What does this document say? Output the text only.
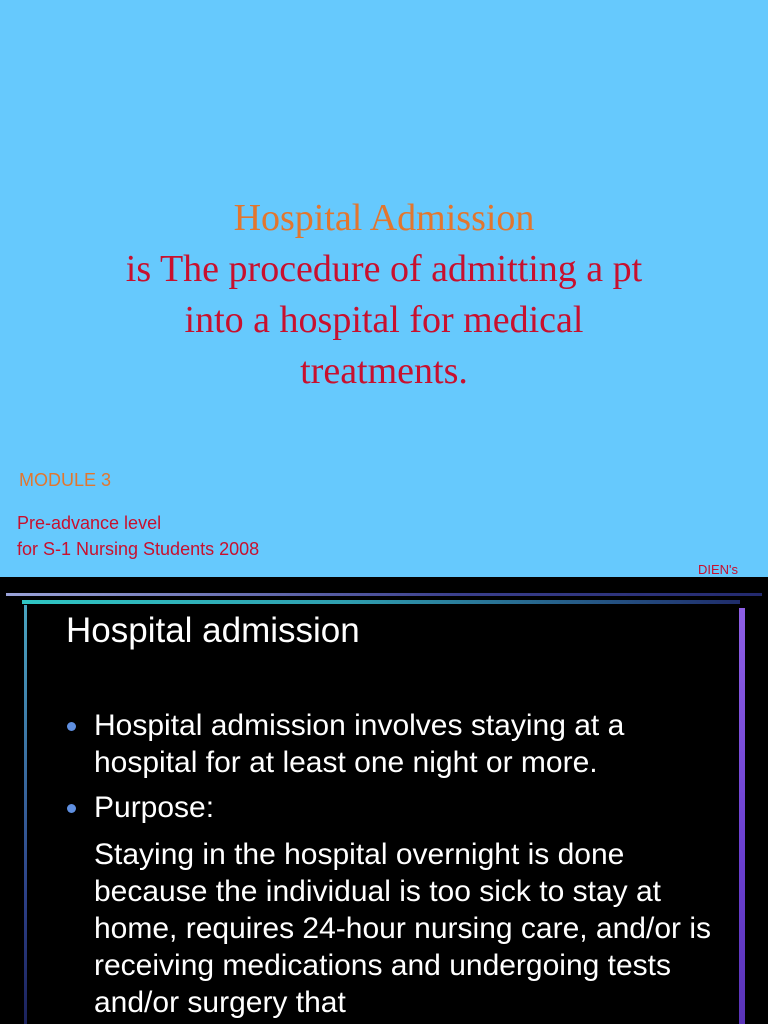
Hospital Admission
is The procedure of admitting a pt
into a hospital for medical
treatments.
MODULE 3
Pre-advance level
for S-1 Nursing Students 2008
DIEN's
Hospital admission
Hospital admission involves staying at a hospital for at least one night or more.
Purpose:
Staying in the hospital overnight is done because the individual is too sick to stay at home, requires 24-hour nursing care, and/or is receiving medications and undergoing tests and/or surgery that
